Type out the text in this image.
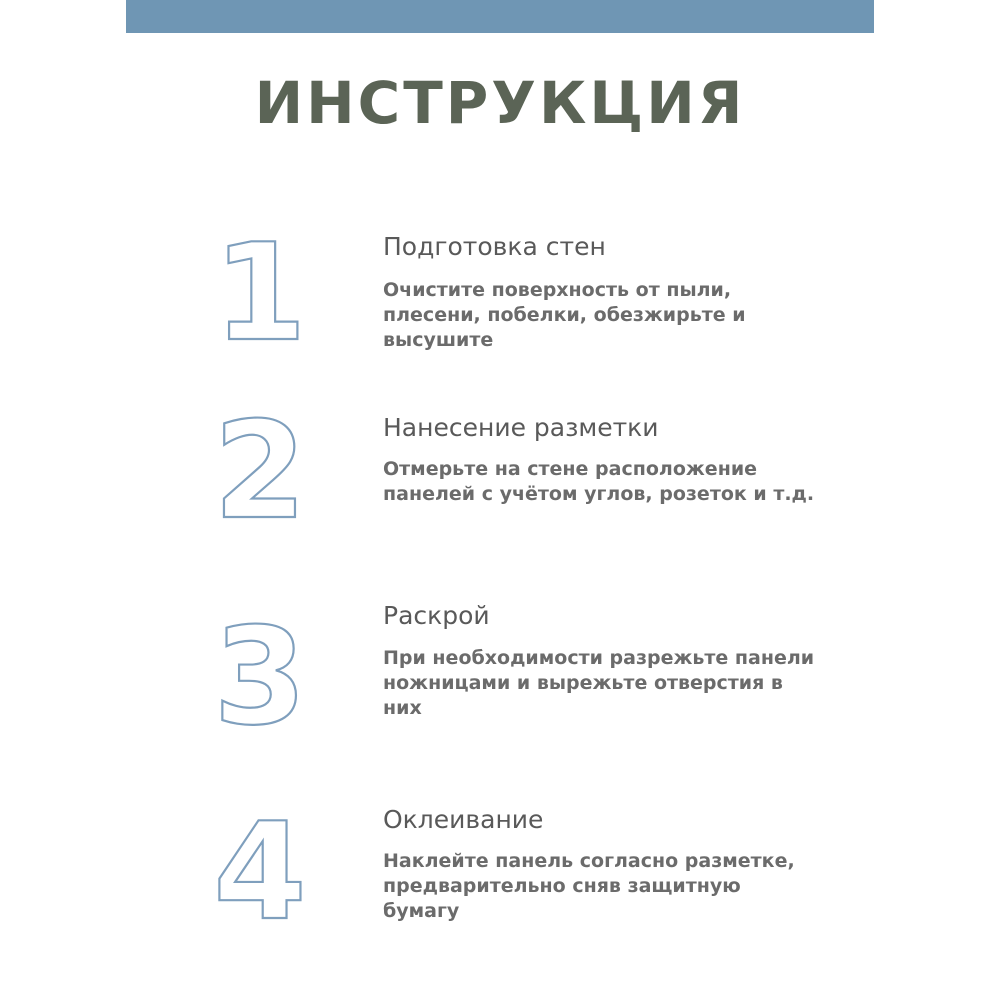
ИНСТРУКЦИЯ
1	Подготовка стен

Очистите поверхность от пыли,
плесени, побелки, обезжирьте и
высушите

2	Нанесение разметки

Отмерьте на стене расположение
панелей с учётом углов, розеток и т.д.

3	Раскрой

При необходимости разрежьте панели
ножницами и вырежьте отверстия в
них

4	Оклеивание

Наклейте панель согласно разметке,
предварительно сняв защитную
бумагу
